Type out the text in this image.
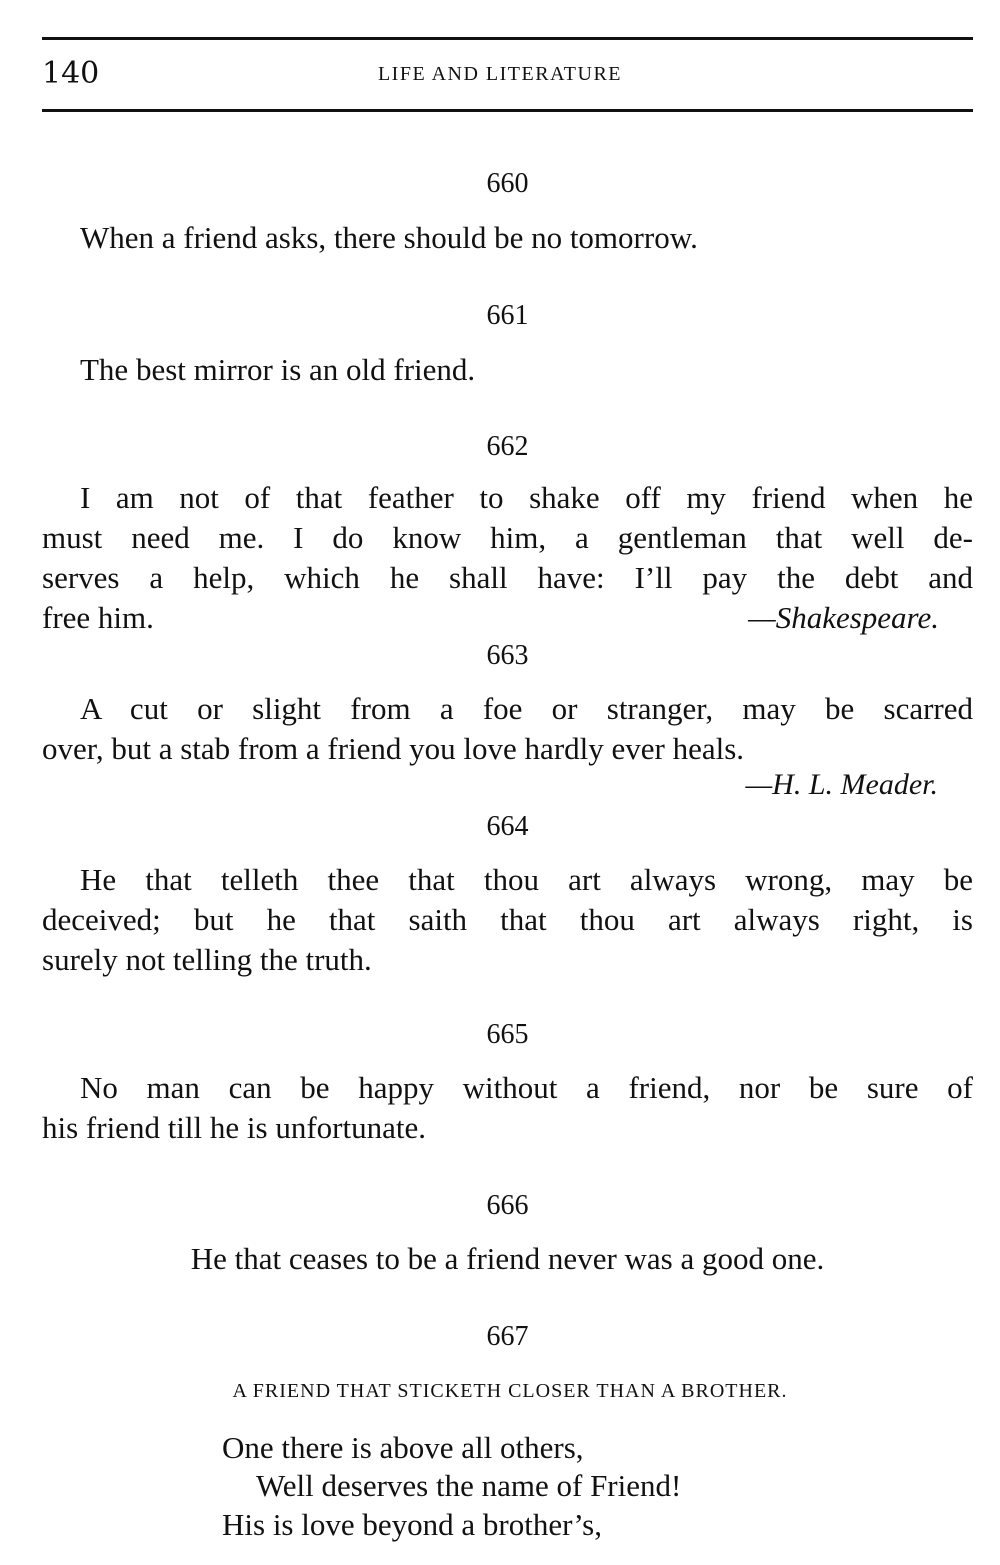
140	LIFE AND LITERATURE
660
When a friend asks, there should be no tomorrow.
661
The best mirror is an old friend.
662
I am not of that feather to shake off my friend when he
must need me. I do know him, a gentleman that well de-
serves a help, which he shall have: I’ll pay the debt and
free him.	—Shakespeare.
663
A cut or slight from a foe or stranger, may be scarred
over, but a stab from a friend you love hardly ever heals.
—H. L. Meader.
664
He that telleth thee that thou art always wrong, may be
deceived; but he that saith that thou art always right, is
surely not telling the truth.
665
No man can be happy without a friend, nor be sure of
his friend till he is unfortunate.
666
He that ceases to be a friend never was a good one.
667
A FRIEND THAT STICKETH CLOSER THAN A BROTHER.
One there is above all others,
Well deserves the name of Friend!
His is love beyond a brother’s,
